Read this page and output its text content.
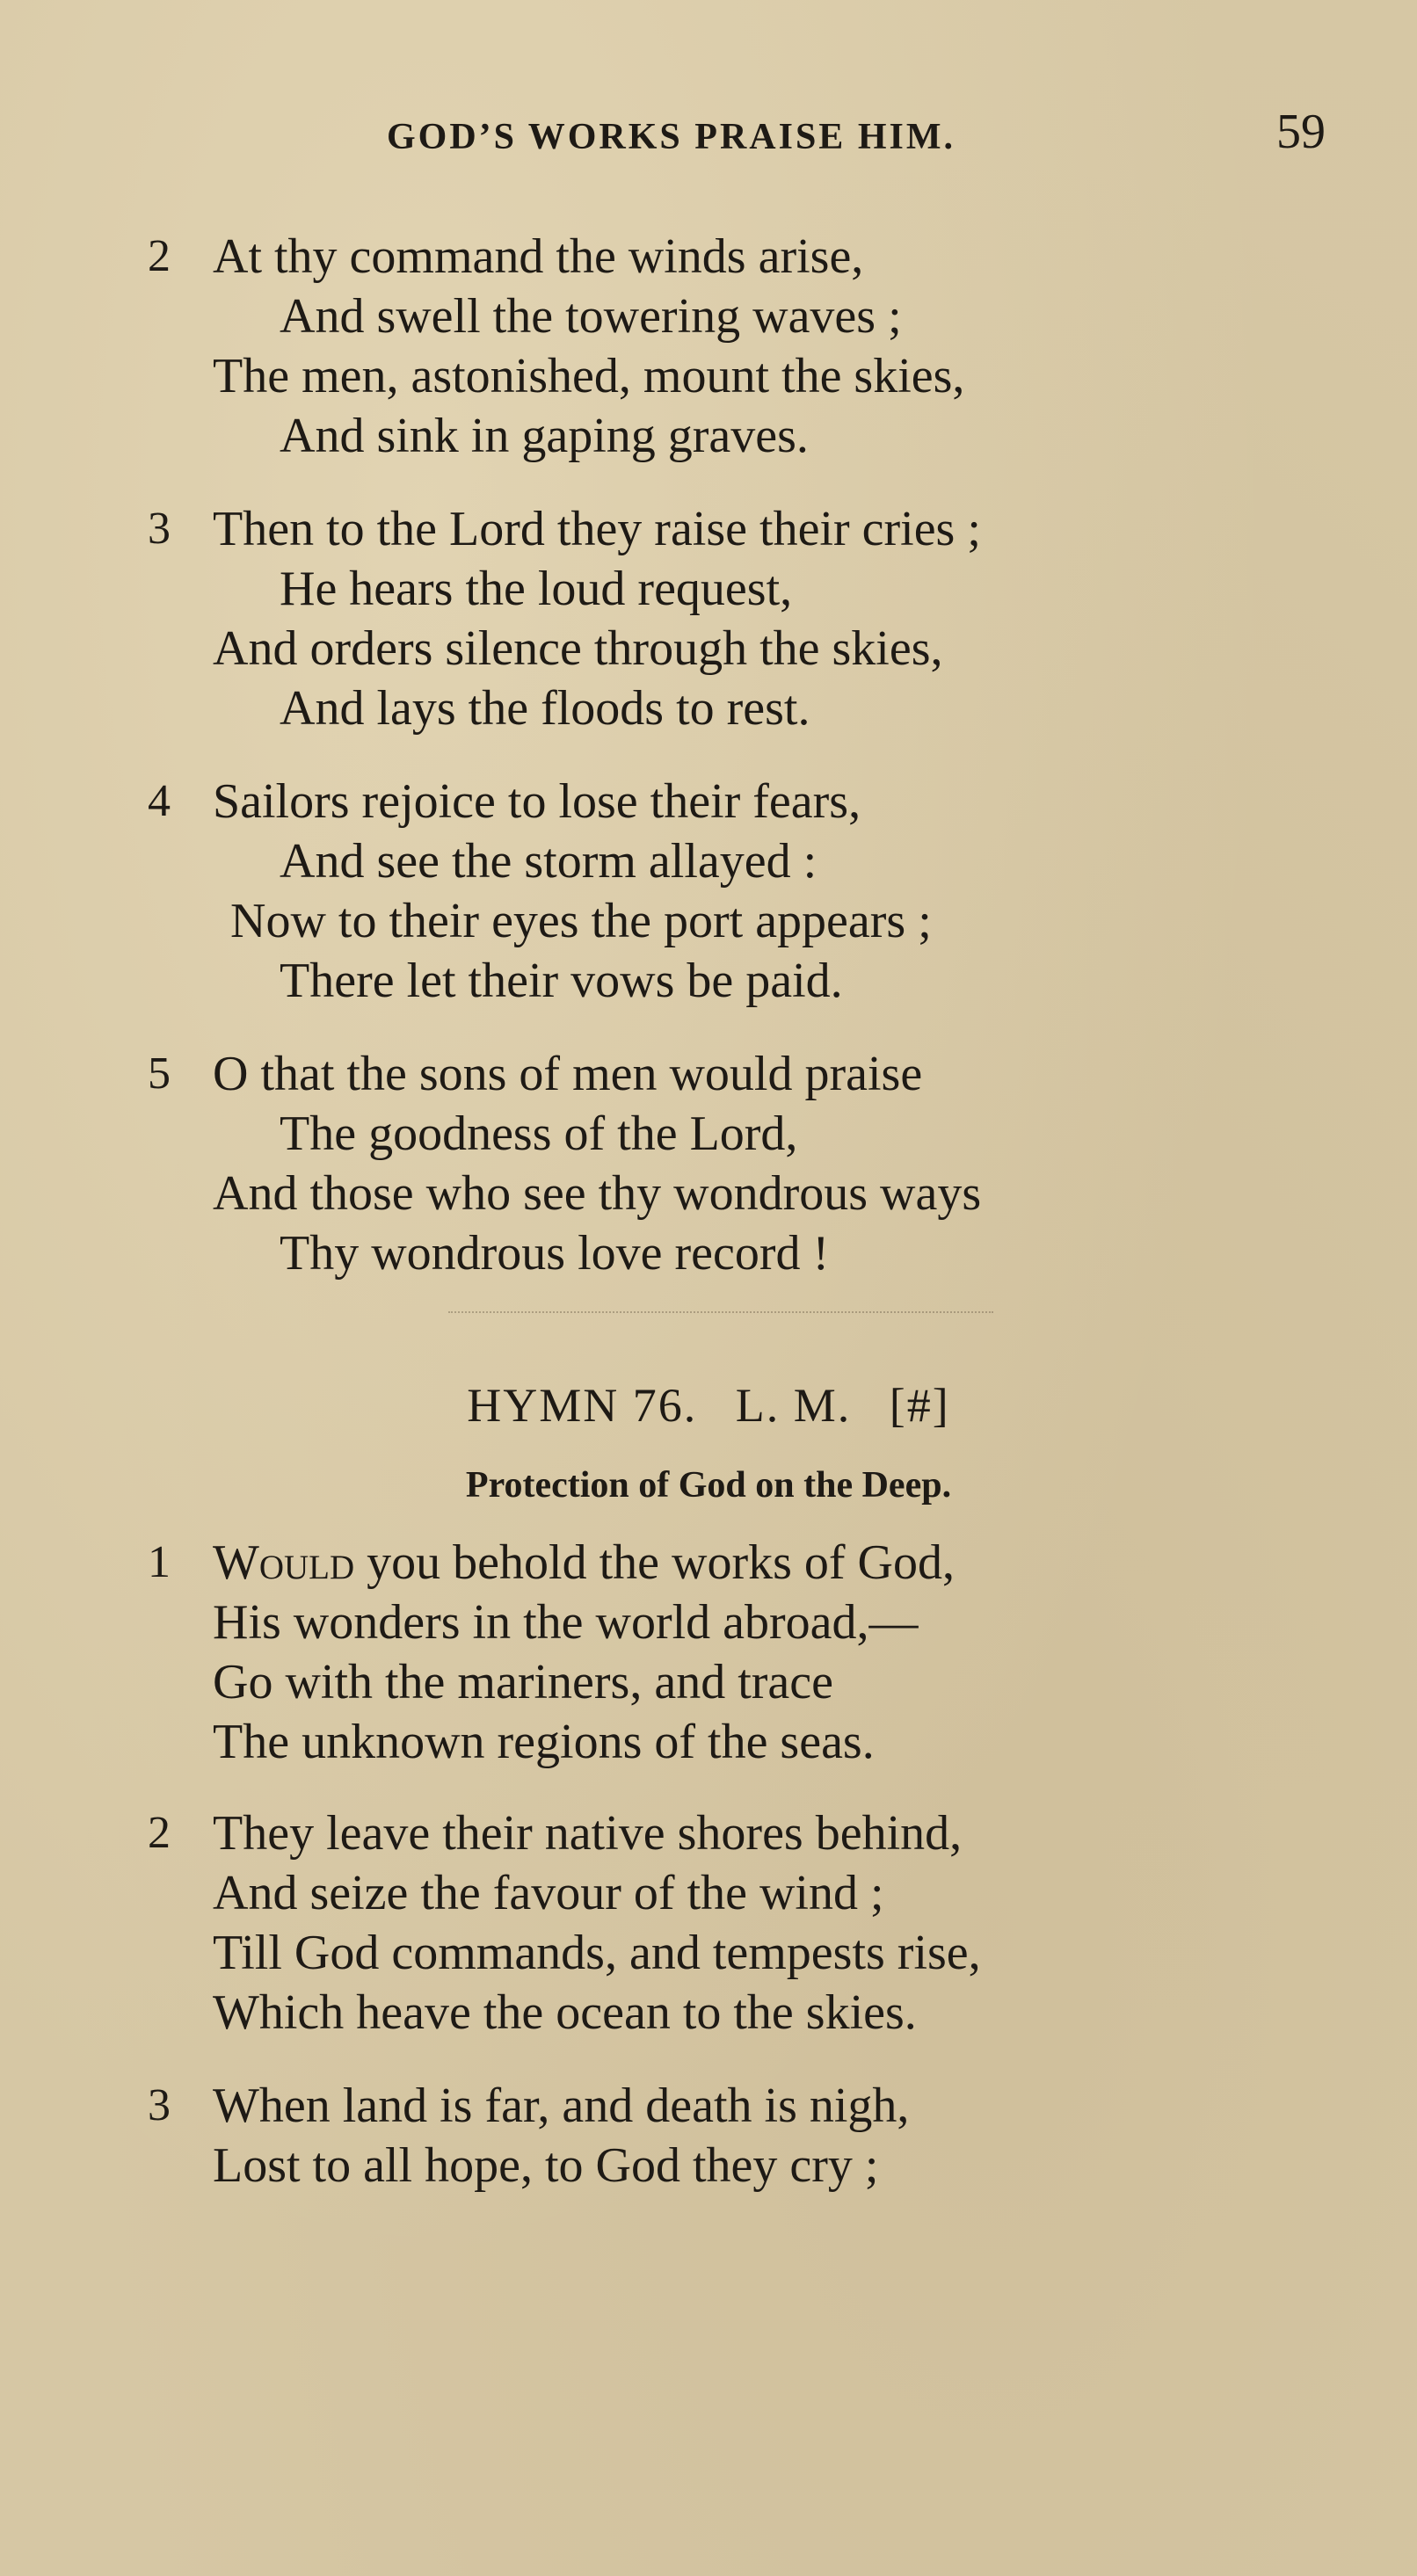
GOD’S WORKS PRAISE HIM.	59
2 At thy command the winds arise,
And swell the towering waves ;
The men, astonished, mount the skies,
And sink in gaping graves.
3 Then to the Lord they raise their cries ;
He hears the loud request,
And orders silence through the skies,
And lays the floods to rest.
4 Sailors rejoice to lose their fears,
And see the storm allayed :
Now to their eyes the port appears ;
There let their vows be paid.
5 O that the sons of men would praise
The goodness of the Lord,
And those who see thy wondrous ways
Thy wondrous love record !
HYMN 76. L. M. [#]
Protection of God on the Deep.
1 Would you behold the works of God,
His wonders in the world abroad,—
Go with the mariners, and trace
The unknown regions of the seas.
2 They leave their native shores behind,
And seize the favour of the wind ;
Till God commands, and tempests rise,
Which heave the ocean to the skies.
3 When land is far, and death is nigh,
Lost to all hope, to God they cry ;
